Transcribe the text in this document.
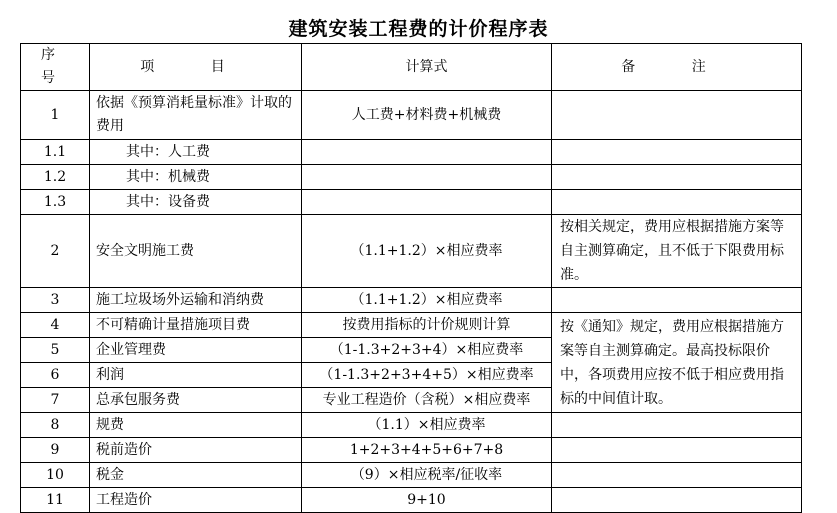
建筑安装工程费的计价程序表
序 号	项 目	计算式	备 注
1	依据《预算消耗量标准》计取的费用	人工费+材料费+机械费	
1.1	其中：人工费		
1.2	其中：机械费		
1.3	其中：设备费		
2	安全文明施工费	（1.1+1.2）×相应费率	按相关规定，费用应根据措施方案等自主测算确定，且不低于下限费用标准。
3	施工垃圾场外运输和消纳费	（1.1+1.2）×相应费率	
4	不可精确计量措施项目费	按费用指标的计价规则计算	按《通知》规定，费用应根据措施方案等自主测算确定。最高投标限价中，各项费用应按不低于相应费用指标的中间值计取。
5	企业管理费	（1-1.3+2+3+4）×相应费率	
6	利润	（1-1.3+2+3+4+5）×相应费率	
7	总承包服务费	专业工程造价（含税）×相应费率	
8	规费	（1.1）×相应费率	
9	税前造价	1+2+3+4+5+6+7+8	
10	税金	（9）×相应税率/征收率	
11	工程造价	9+10	
